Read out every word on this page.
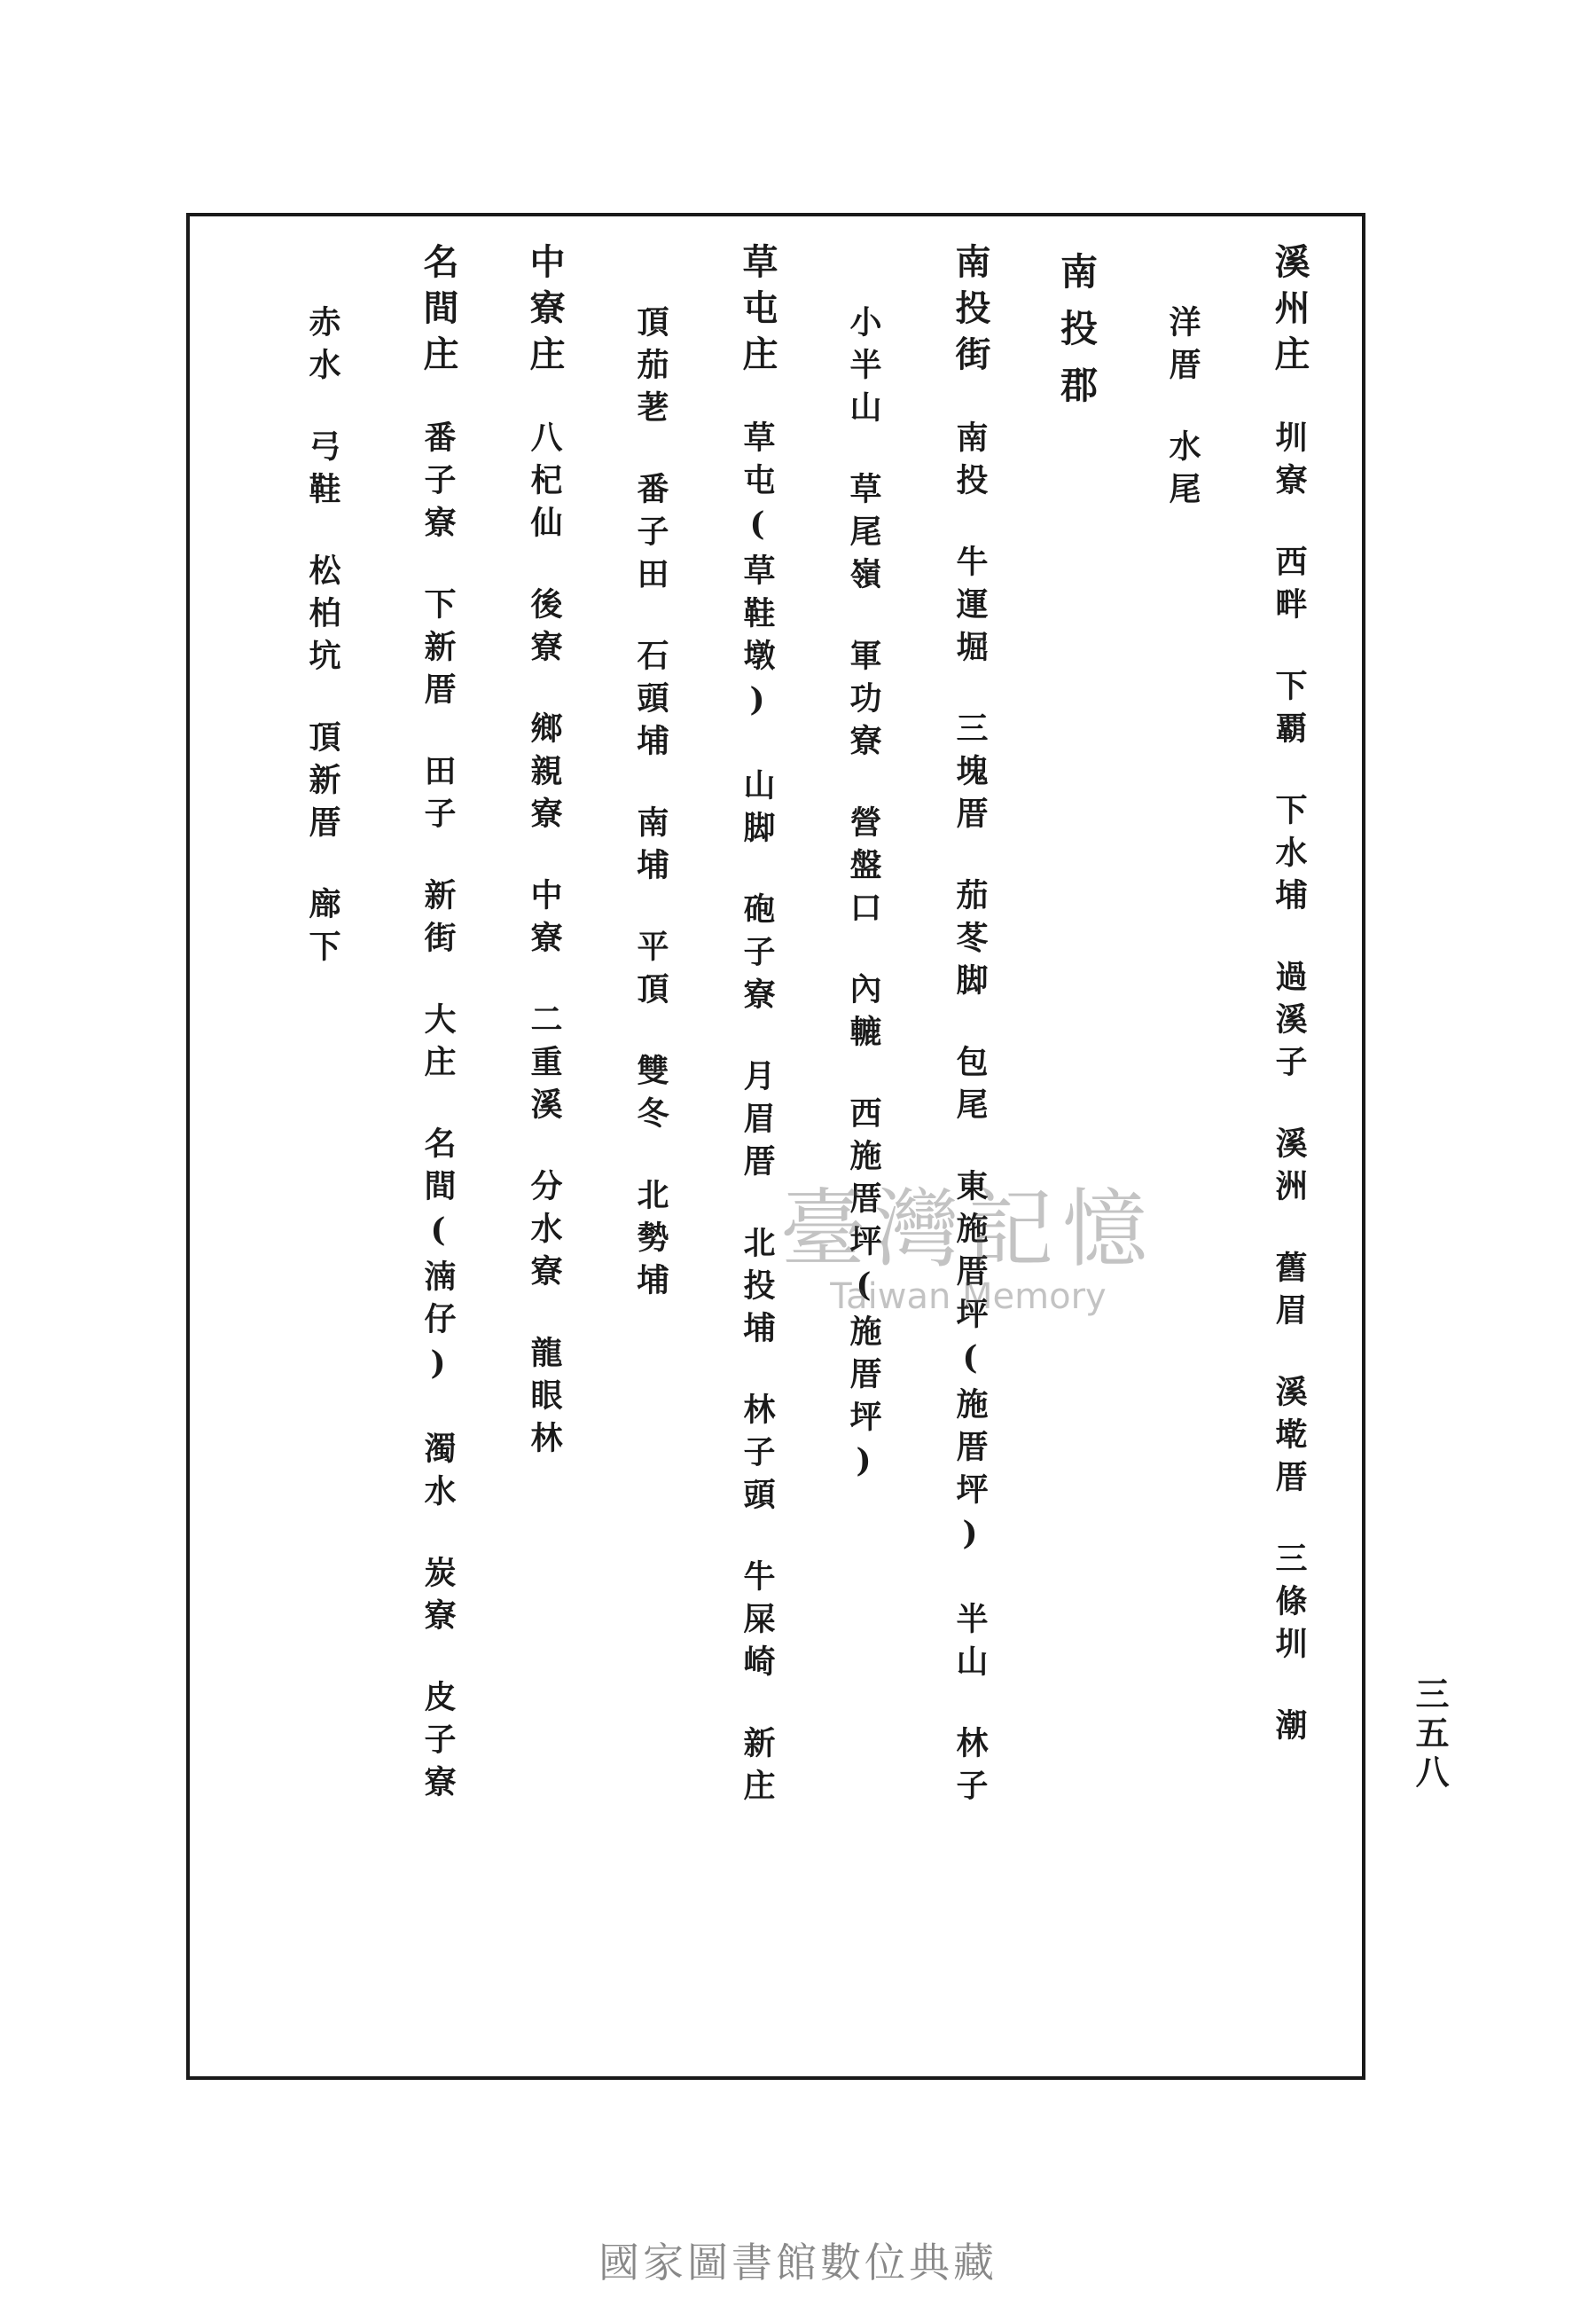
溪州庄
圳寮
西畔
下覇
下水埔
過溪子
溪洲
舊眉
溪墘厝
三條圳
潮
洋厝
水尾
南投郡
南投街
南投
牛運堀
三塊厝
茄苳脚
包尾
東施厝坪(施厝坪)
半山
林子
小半山
草尾嶺
軍功寮
營盤口
內轆
西施厝坪(施厝坪)
草屯庄
草屯(草鞋墩)
山脚
砲子寮
月眉厝
北投埔
林子頭
牛屎崎
新庄
頂茄荖
番子田
石頭埔
南埔
平頂
雙冬
北勢埔
中寮庄
八杞仙
後寮
鄉親寮
中寮
二重溪
分水寮
龍眼林
名間庄
番子寮
下新厝
田子
新街
大庄
名間(湳仔)
濁水
炭寮
皮子寮
赤水
弓鞋
松柏坑
頂新厝
廍下
三五八
臺灣記憶
Taiwan Memory
國家圖書館數位典藏
